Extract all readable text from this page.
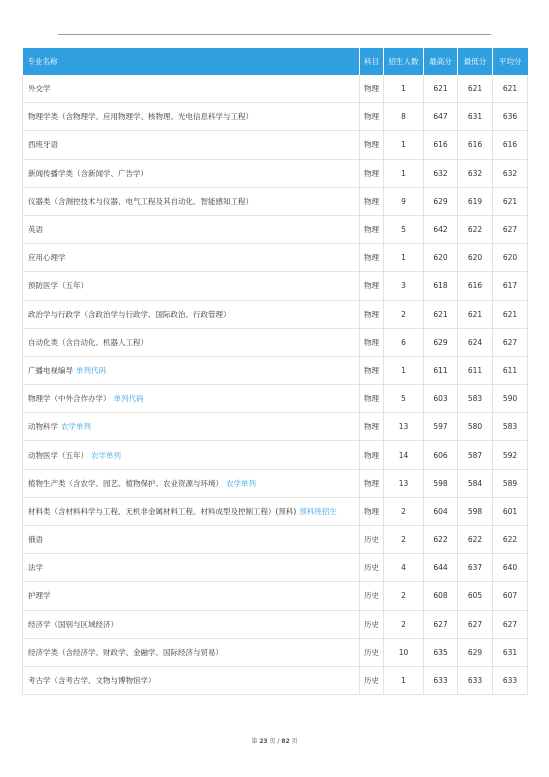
专业名称	科目	招生人数	最高分	最低分	平均分
外交学	物理	1	621	621	621
物理学类（含物理学、应用物理学、核物理、光电信息科学与工程）	物理	8	647	631	636
西班牙语	物理	1	616	616	616
新闻传播学类（含新闻学、广告学）	物理	1	632	632	632
仪器类（含测控技术与仪器、电气工程及其自动化、智能感知工程）	物理	9	629	619	621
英语	物理	5	642	622	627
应用心理学	物理	1	620	620	620
预防医学（五年）	物理	3	618	616	617
政治学与行政学（含政治学与行政学、国际政治、行政管理）	物理	2	621	621	621
自动化类（含自动化、机器人工程）	物理	6	629	624	627
广播电视编导 单列代码	物理	1	611	611	611
物理学（中外合作办学） 单列代码	物理	5	603	583	590
动物科学 农学单列	物理	13	597	580	583
动物医学（五年） 农学单列	物理	14	606	587	592
植物生产类（含农学、园艺、植物保护、农业资源与环境） 农学单列	物理	13	598	584	589
材料类（含材料科学与工程、无机非金属材料工程、材料成型及控制工程）(预科) 预科班招生	物理	2	604	598	601
俄语	历史	2	622	622	622
法学	历史	4	644	637	640
护理学	历史	2	608	605	607
经济学（国别与区域经济）	历史	2	627	627	627
经济学类（含经济学、财政学、金融学、国际经济与贸易）	历史	10	635	629	631
考古学（含考古学、文物与博物馆学）	历史	1	633	633	633
第 23 页 / 82 页
